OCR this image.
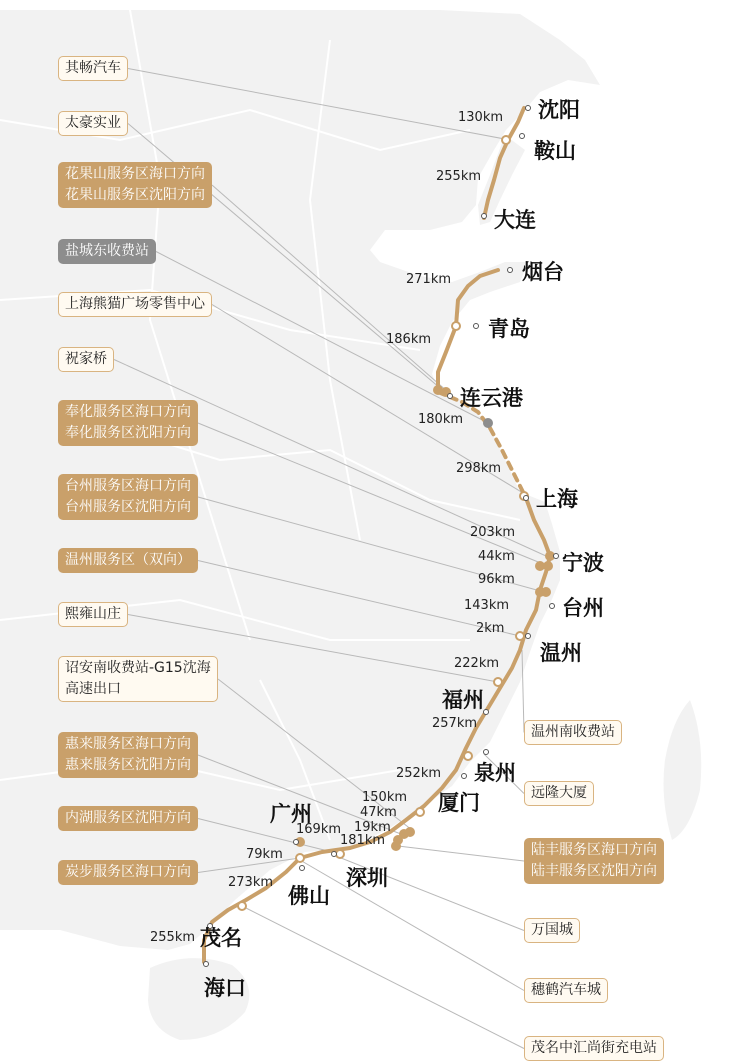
沈阳
鞍山
大连
烟台
青岛
连云港
上海
宁波
台州
温州
福州
泉州
厦门
广州
深圳
佛山
茂名
海口
130km
255km
271km
186km
180km
298km
203km
44km
96km
143km
2km
222km
257km
252km
150km
47km
19km
181km
169km
79km
273km
255km
其畅汽车
太豪实业
花果山服务区海口方向
花果山服务区沈阳方向
盐城东收费站
上海熊猫广场零售中心
祝家桥
奉化服务区海口方向
奉化服务区沈阳方向
台州服务区海口方向
台州服务区沈阳方向
温州服务区（双向）
熙雍山庄
诏安南收费站-G15沈海
高速出口
惠来服务区海口方向
惠来服务区沈阳方向
内湖服务区沈阳方向
炭步服务区海口方向
温州南收费站
远隆大厦
陆丰服务区海口方向
陆丰服务区沈阳方向
万国城
穗鹤汽车城
茂名中汇尚街充电站
